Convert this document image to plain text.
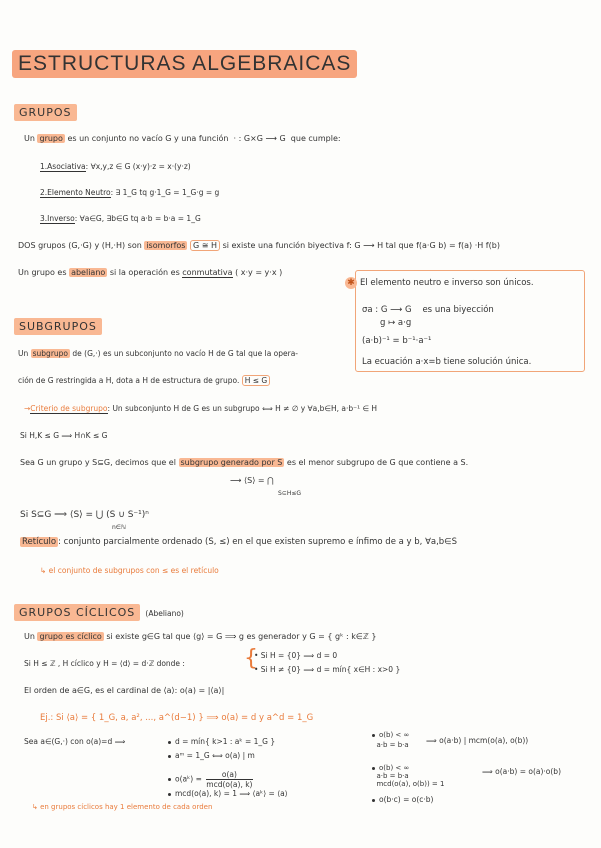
ESTRUCTURAS ALGEBRAICAS
GRUPOS
Un grupo es un conjunto no vacío G y una función · : G×G ⟶ G que cumple:
1.Asociativa: ∀x,y,z ∈ G (x·y)·z = x·(y·z)
2.Elemento Neutro: ∃ 1_G tq g·1_G = 1_G·g = g
3.Inverso: ∀a∈G, ∃b∈G tq a·b = b·a = 1_G
DOS grupos (G,·G) y (H,·H) son isomorfos G ≅ H si existe una función biyectiva f: G ⟶ H tal que f(a·G b) = f(a) ·H f(b)
Un grupo es abeliano si la operación es conmutativa ( x·y = y·x )
✱ El elemento neutro e inverso son únicos.
σa : G ⟶ G es una biyección
g ↦ a·g
(a·b)⁻¹ = b⁻¹·a⁻¹
La ecuación a·x=b tiene solución única.
SUBGRUPOS
Un subgrupo de (G,·) es un subconjunto no vacío H de G tal que la opera-
ción de G restringida a H, dota a H de estructura de grupo. H ≤ G
→Criterio de subgrupo: Un subconjunto H de G es un subgrupo ⟺ H ≠ ∅ y ∀a,b∈H, a·b⁻¹ ∈ H
Si H,K ≤ G ⟹ H∩K ≤ G
Sea G un grupo y S⊆G, decimos que el subgrupo generado por S es el menor subgrupo de G que contiene a S.
⟶ ⟨S⟩ = ⋂
S⊆H≤G
Si S⊆G ⟹ ⟨S⟩ = ⋃ (S ∪ S⁻¹)ⁿ
n∈ℕ
Retículo : conjunto parcialmente ordenado (S, ≤) en el que existen supremo e ínfimo de a y b, ∀a,b∈S
↳ el conjunto de subgrupos con ≤ es el retículo
GRUPOS CÍCLICOS (Abeliano)
Un grupo es cíclico si existe g∈G tal que ⟨g⟩ = G ⟹ g es generador y G = { gᵏ : k∈ℤ }
Si H ≤ ℤ , H cíclico y H = ⟨d⟩ = d·ℤ donde :	{
• Si H = {0} ⟹ d = 0
• Si H ≠ {0} ⟹ d = mín{ x∈H : x>0 }
El orden de a∈G, es el cardinal de ⟨a⟩: o(a) = |⟨a⟩|
Ej.: Si ⟨a⟩ = { 1_G, a, a², ..., a^(d−1) } ⟹ o(a) = d y a^d = 1_G
Sea a∈(G,·) con o(a)=d ⟹	d = mín{ k>1 : aᵏ = 1_G }
aᵐ = 1_G ⟺ o(a) | m
o(aᵏ) =	o(a)
mcd(o(a), k)
mcd(o(a), k) = 1 ⟹ ⟨aᵏ⟩ = ⟨a⟩
o(b) < ∞
a·b = b·a ⟹ o(a·b) | mcm(o(a), o(b))
o(b) < ∞
a·b = b·a
mcd(o(a), o(b)) = 1
⟹ o(a·b) = o(a)·o(b)
o(b·c) = o(c·b)
↳ en grupos cíclicos hay 1 elemento de cada orden
